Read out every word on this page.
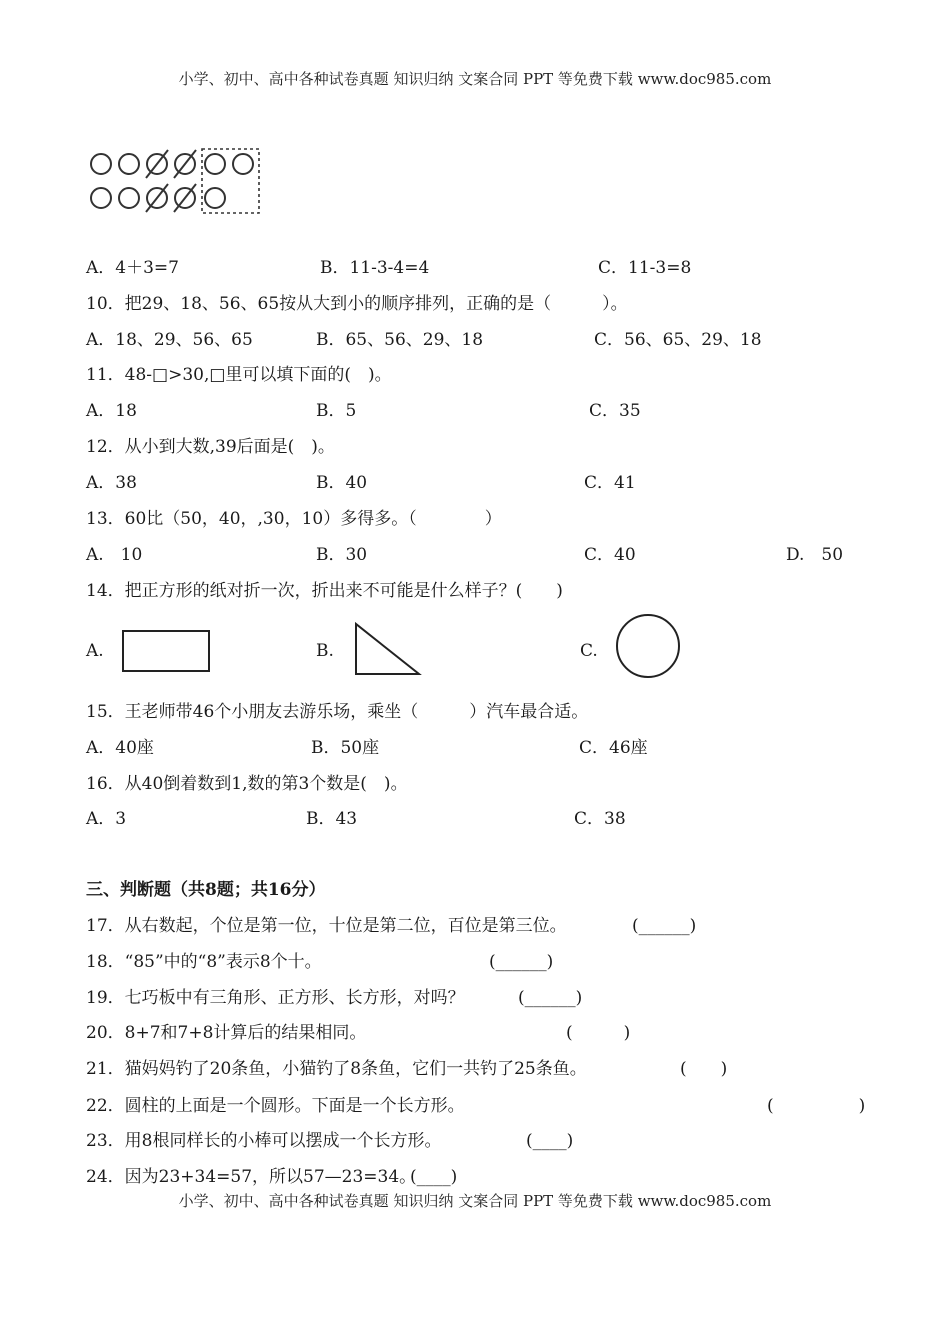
小学、初中、高中各种试卷真题 知识归纳 文案合同 PPT 等免费下载 www.doc985.com
A．4＋3=7	B．11-3-4=4	C．11-3=8
10．把29、18、56、65按从大到小的顺序排列，正确的是（　　　）。
A．18、29、56、65	B．65、56、29、18	C．56、65、29、18
11．48-□>30,□里可以填下面的(　)。
A．18	B．5	C．35
12．从小到大数,39后面是(　)。
A．38	B．40	C．41
13．60比（50，40，,30，10）多得多。（　　　　）
A.　10	B．30	C．40	D.　50
14．把正方形的纸对折一次，折出来不可能是什么样子？(　　)
A.	B.	C.
15．王老师带46个小朋友去游乐场，乘坐（　　　）汽车最合适。
A．40座	B．50座	C．46座
16．从40倒着数到1,数的第3个数是(　)。
A．3	B．43	C．38
三、判断题（共8题；共16分）
17．从右数起，个位是第一位，十位是第二位，百位是第三位。	(______)
18．“85”中的“8”表示8个十。	(______)
19．七巧板中有三角形、正方形、长方形，对吗？	(______)
20．8+7和7+8计算后的结果相同。	(　　　)
21．猫妈妈钓了20条鱼，小猫钓了8条鱼，它们一共钓了25条鱼。	(　　)
22．圆柱的上面是一个圆形。下面是一个长方形。	(　　　　　)
23．用8根同样长的小棒可以摆成一个长方形。	(____)
24．因为23+34=57，所以57—23=34。
(____)
小学、初中、高中各种试卷真题 知识归纳 文案合同 PPT 等免费下载 www.doc985.com
